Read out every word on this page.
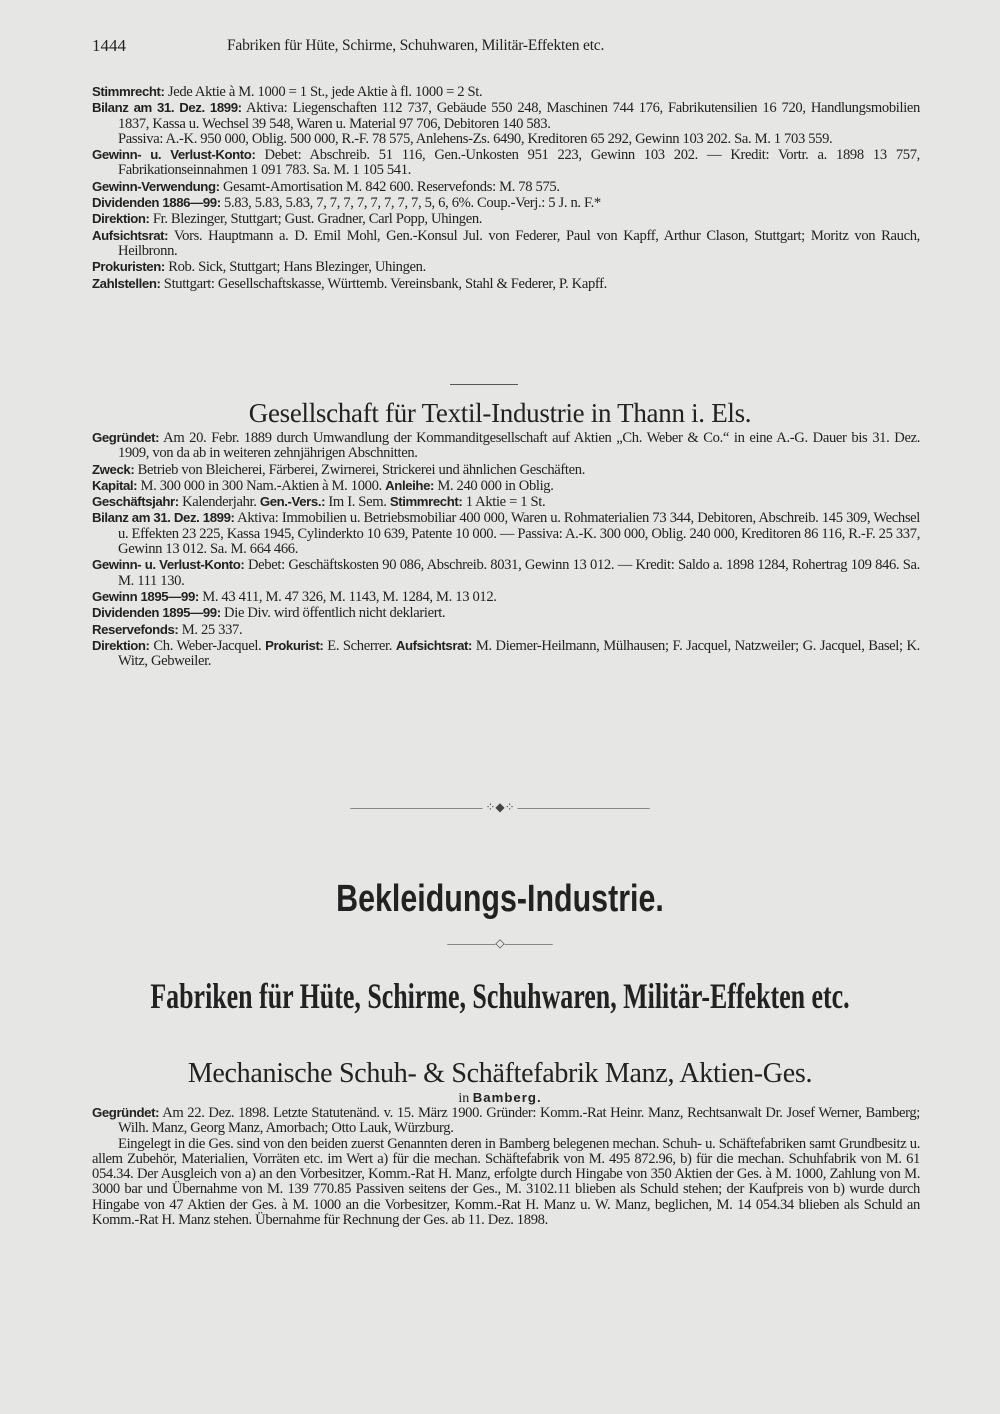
1444	Fabriken für Hüte, Schirme, Schuhwaren, Militär-Effekten etc.

Stimmrecht: Jede Aktie à M. 1000 = 1 St., jede Aktie à fl. 1000 = 2 St.

Bilanz am 31. Dez. 1899: Aktiva: Liegenschaften 112 737, Gebäude 550 248, Maschinen 744 176, Fabrikutensilien 16 720, Handlungsmobilien 1837, Kassa u. Wechsel 39 548, Waren u. Material 97 706, Debitoren 140 583.

Passiva: A.-K. 950 000, Oblig. 500 000, R.-F. 78 575, Anlehens-Zs. 6490, Kreditoren 65 292, Gewinn 103 202. Sa. M. 1 703 559.

Gewinn- u. Verlust-Konto: Debet: Abschreib. 51 116, Gen.-Unkosten 951 223, Gewinn 103 202. — Kredit: Vortr. a. 1898 13 757, Fabrikationseinnahmen 1 091 783. Sa. M. 1 105 541.

Gewinn-Verwendung: Gesamt-Amortisation M. 842 600. Reservefonds: M. 78 575.

Dividenden 1886—99: 5.83, 5.83, 5.83, 7, 7, 7, 7, 7, 7, 7, 7, 5, 6, 6%. Coup.-Verj.: 5 J. n. F.*

Direktion: Fr. Blezinger, Stuttgart; Gust. Gradner, Carl Popp, Uhingen.

Aufsichtsrat: Vors. Hauptmann a. D. Emil Mohl, Gen.-Konsul Jul. von Federer, Paul von Kapff, Arthur Clason, Stuttgart; Moritz von Rauch, Heilbronn.

Prokuristen: Rob. Sick, Stuttgart; Hans Blezinger, Uhingen.

Zahlstellen: Stuttgart: Gesellschaftskasse, Württemb. Vereinsbank, Stahl & Federer, P. Kapff.

Gesellschaft für Textil-Industrie in Thann i. Els.

Gegründet: Am 20. Febr. 1889 durch Umwandlung der Kommanditgesellschaft auf Aktien „Ch. Weber & Co.“ in eine A.-G. Dauer bis 31. Dez. 1909, von da ab in weiteren zehnjährigen Abschnitten.

Zweck: Betrieb von Bleicherei, Färberei, Zwirnerei, Strickerei und ähnlichen Geschäften.

Kapital: M. 300 000 in 300 Nam.-Aktien à M. 1000. Anleihe: M. 240 000 in Oblig.

Geschäftsjahr: Kalenderjahr. Gen.-Vers.: Im I. Sem. Stimmrecht: 1 Aktie = 1 St.

Bilanz am 31. Dez. 1899: Aktiva: Immobilien u. Betriebsmobiliar 400 000, Waren u. Rohmaterialien 73 344, Debitoren, Abschreib. 145 309, Wechsel u. Effekten 23 225, Kassa 1945, Cylinderkto 10 639, Patente 10 000. — Passiva: A.-K. 300 000, Oblig. 240 000, Kreditoren 86 116, R.-F. 25 337, Gewinn 13 012. Sa. M. 664 466.

Gewinn- u. Verlust-Konto: Debet: Geschäftskosten 90 086, Abschreib. 8031, Gewinn 13 012. — Kredit: Saldo a. 1898 1284, Rohertrag 109 846. Sa. M. 111 130.

Gewinn 1895—99: M. 43 411, M. 47 326, M. 1143, M. 1284, M. 13 012.

Dividenden 1895—99: Die Div. wird öffentlich nicht deklariert.

Reservefonds: M. 25 337.

Direktion: Ch. Weber-Jacquel. Prokurist: E. Scherrer. Aufsichtsrat: M. Diemer-Heilmann, Mülhausen; F. Jacquel, Natzweiler; G. Jacquel, Basel; K. Witz, Gebweiler.

――――――――――― ⁘◆⁘ ―――――――――――
Bekleidungs-Industrie.
――――◇――――
Fabriken für Hüte, Schirme, Schuhwaren, Militär-Effekten etc.
Mechanische Schuh- & Schäftefabrik Manz, Aktien-Ges.
in Bamberg.

Gegründet: Am 22. Dez. 1898. Letzte Statutenänd. v. 15. März 1900. Gründer: Komm.-Rat Heinr. Manz, Rechtsanwalt Dr. Josef Werner, Bamberg; Wilh. Manz, Georg Manz, Amorbach; Otto Lauk, Würzburg.

Eingelegt in die Ges. sind von den beiden zuerst Genannten deren in Bamberg belegenen mechan. Schuh- u. Schäftefabriken samt Grundbesitz u. allem Zubehör, Materialien, Vorräten etc. im Wert a) für die mechan. Schäftefabrik von M. 495 872.96, b) für die mechan. Schuhfabrik von M. 61 054.34. Der Ausgleich von a) an den Vorbesitzer, Komm.-Rat H. Manz, erfolgte durch Hingabe von 350 Aktien der Ges. à M. 1000, Zahlung von M. 3000 bar und Übernahme von M. 139 770.85 Passiven seitens der Ges., M. 3102.11 blieben als Schuld stehen; der Kaufpreis von b) wurde durch Hingabe von 47 Aktien der Ges. à M. 1000 an die Vorbesitzer, Komm.-Rat H. Manz u. W. Manz, beglichen, M. 14 054.34 blieben als Schuld an Komm.-Rat H. Manz stehen. Übernahme für Rechnung der Ges. ab 11. Dez. 1898.
